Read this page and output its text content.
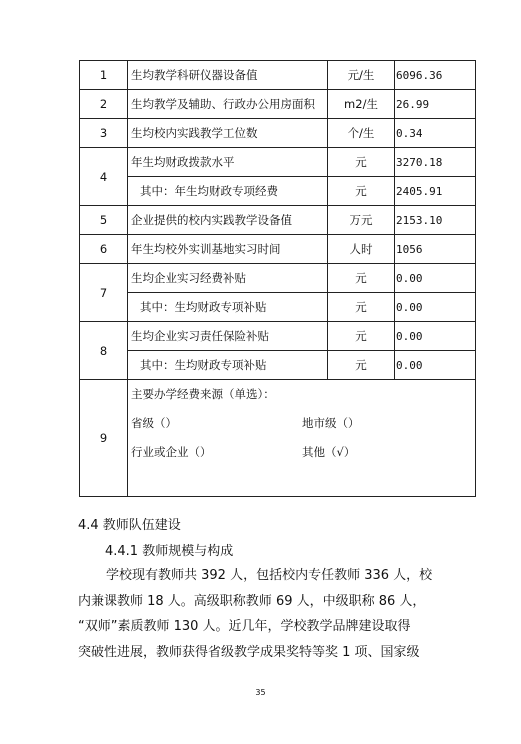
1	生均教学科研仪器设备值	元/生	6096.36
2	生均教学及辅助、行政办公用房面积	m2/生	26.99
3	生均校内实践教学工位数	个/生	0.34
4	年生均财政拨款水平	元	3270.18
	其中：年生均财政专项经费	元	2405.91
5	企业提供的校内实践教学设备值	万元	2153.10
6	年生均校外实训基地实习时间	人时	1056
7	生均企业实习经费补贴	元	0.00
	其中：生均财政专项补贴	元	0.00
8	生均企业实习责任保险补贴	元	0.00
	其中：生均财政专项补贴	元	0.00
9	主要办学经费来源（单选）：
省级（） 地市级（）
行业或企业（） 其他（√）		
4.4 教师队伍建设
4.4.1 教师规模与构成
学校现有教师共 392 人，包括校内专任教师 336 人，校
内兼课教师 18 人。高级职称教师 69 人，中级职称 86 人，
“双师”素质教师 130 人。近几年，学校教学品牌建设取得
突破性进展，教师获得省级教学成果奖特等奖 1 项、国家级
35
